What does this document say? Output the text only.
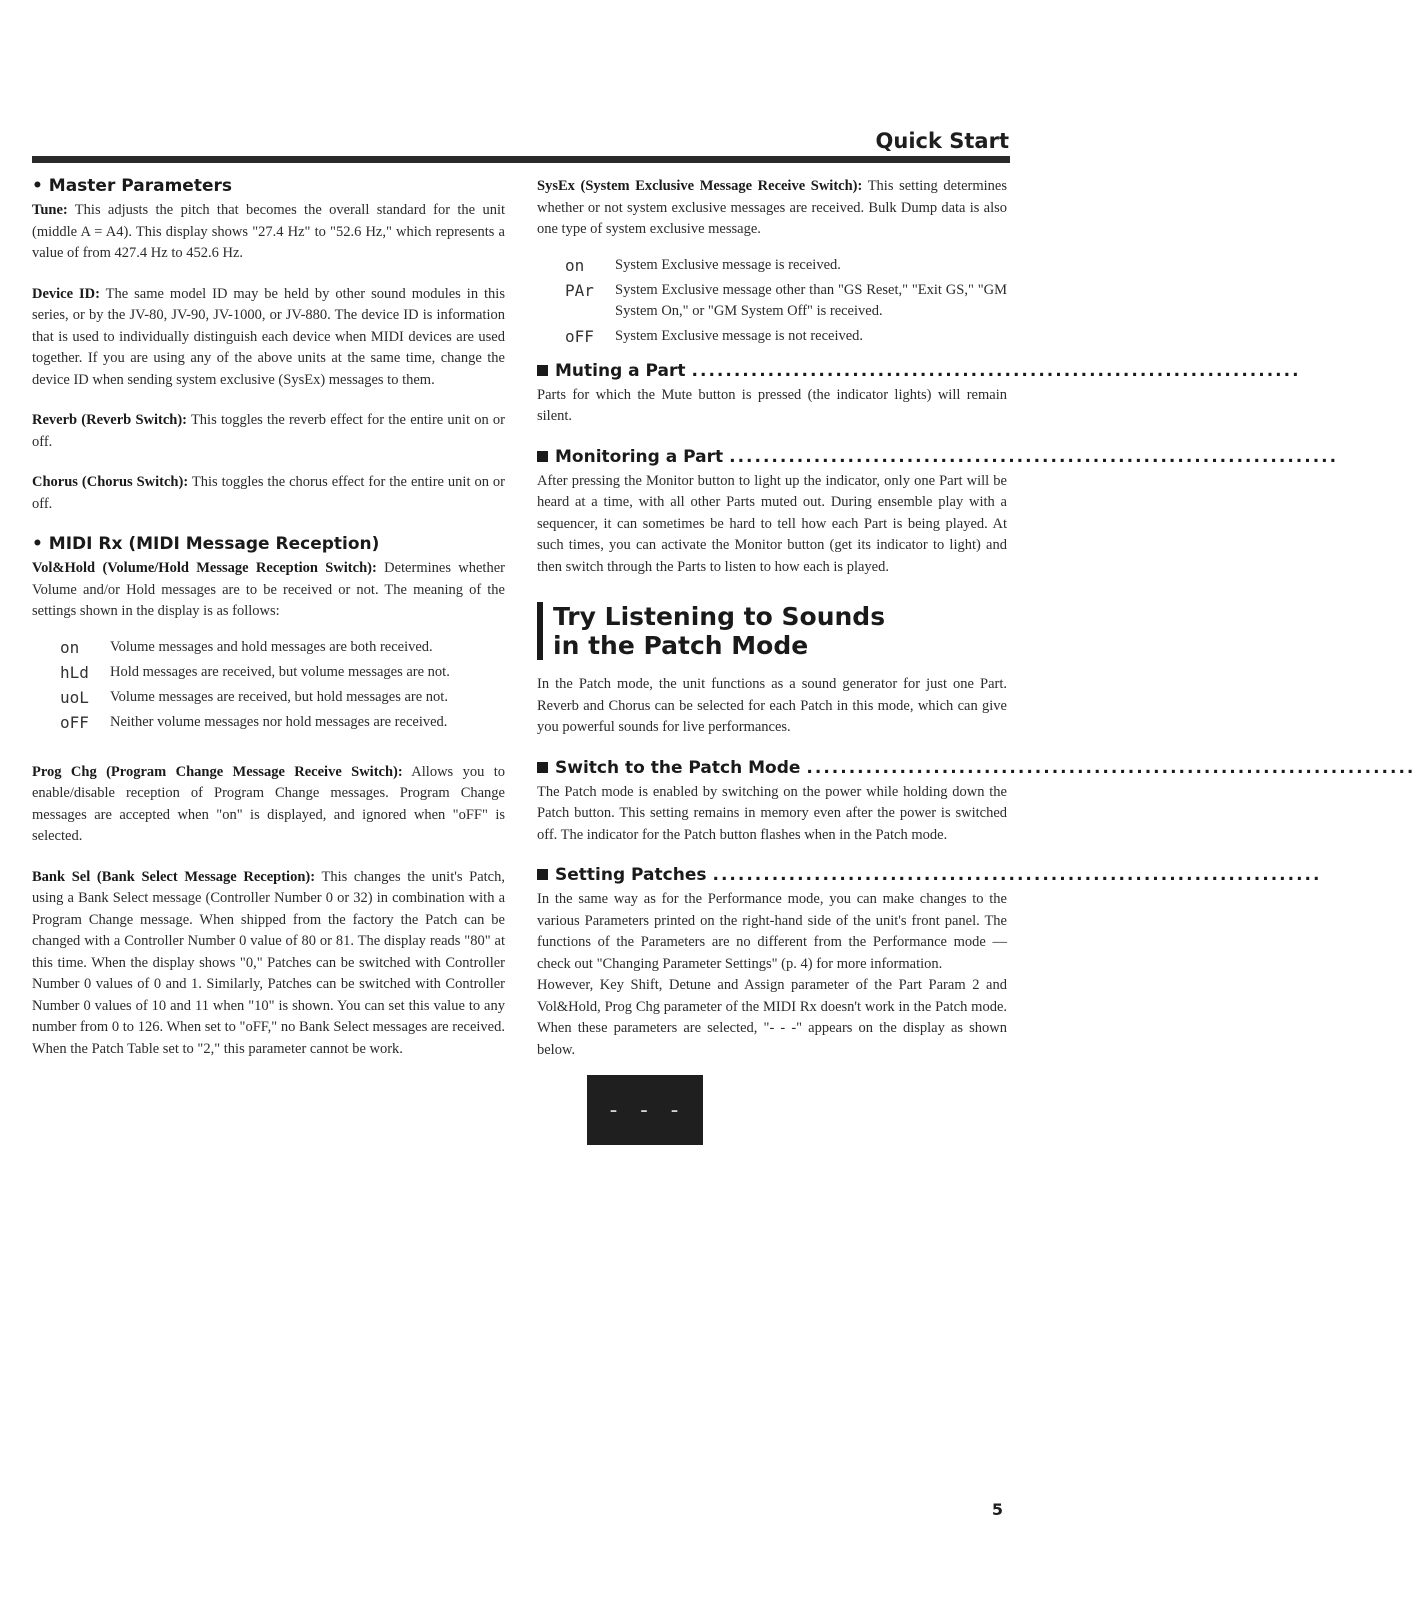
Quick Start
• Master Parameters

Tune: This adjusts the pitch that becomes the overall standard for the unit (middle A = A4). This display shows "27.4 Hz" to "52.6 Hz," which represents a value of from 427.4 Hz to 452.6 Hz.

Device ID: The same model ID may be held by other sound modules in this series, or by the JV-80, JV-90, JV-1000, or JV-880. The device ID is information that is used to individually distinguish each device when MIDI devices are used together. If you are using any of the above units at the same time, change the device ID when sending system exclusive (SysEx) messages to them.

Reverb (Reverb Switch): This toggles the reverb effect for the entire unit on or off.

Chorus (Chorus Switch): This toggles the chorus effect for the entire unit on or off.

• MIDI Rx (MIDI Message Reception)

Vol&Hold (Volume/Hold Message Reception Switch): Determines whether Volume and/or Hold messages are to be received or not. The meaning of the settings shown in the display is as follows:

on	Volume messages and hold messages are both received.
hLd	Hold messages are received, but volume messages are not.
uoL	Volume messages are received, but hold messages are not.
oFF	Neither volume messages nor hold messages are received.

Prog Chg (Program Change Message Receive Switch): Allows you to enable/disable reception of Program Change messages. Program Change messages are accepted when "on" is displayed, and ignored when "oFF" is selected.

Bank Sel (Bank Select Message Reception): This changes the unit's Patch, using a Bank Select message (Controller Number 0 or 32) in combination with a Program Change message. When shipped from the factory the Patch can be changed with a Controller Number 0 value of 80 or 81. The display reads "80" at this time. When the display shows "0," Patches can be switched with Controller Number 0 values of 0 and 1. Similarly, Patches can be switched with Controller Number 0 values of 10 and 11 when "10" is shown. You can set this value to any number from 0 to 126. When set to "oFF," no Bank Select messages are received. When the Patch Table set to "2," this parameter cannot be work.

SysEx (System Exclusive Message Receive Switch): This setting determines whether or not system exclusive messages are received. Bulk Dump data is also one type of system exclusive message.

on	System Exclusive message is received.
PAr	System Exclusive message other than "GS Reset," "Exit GS," "GM System On," or "GM System Off" is received.
oFF	System Exclusive message is not received.
Muting a Part ........................................................................

Parts for which the Mute button is pressed (the indicator lights) will remain silent.

Monitoring a Part ........................................................................

After pressing the Monitor button to light up the indicator, only one Part will be heard at a time, with all other Parts muted out. During ensemble play with a sequencer, it can sometimes be hard to tell how each Part is being played. At such times, you can activate the Monitor button (get its indicator to light) and then switch through the Parts to listen to how each is played.

Try Listening to Sounds
in the Patch Mode

In the Patch mode, the unit functions as a sound generator for just one Part. Reverb and Chorus can be selected for each Patch in this mode, which can give you powerful sounds for live performances.

Switch to the Patch Mode ........................................................................

The Patch mode is enabled by switching on the power while holding down the Patch button. This setting remains in memory even after the power is switched off. The indicator for the Patch button flashes when in the Patch mode.

Setting Patches ........................................................................

In the same way as for the Performance mode, you can make changes to the various Parameters printed on the right-hand side of the unit's front panel. The functions of the Parameters are no different from the Performance mode — check out "Changing Parameter Settings" (p. 4) for more information.

However, Key Shift, Detune and Assign parameter of the Part Param 2 and Vol&Hold, Prog Chg parameter of the MIDI Rx doesn't work in the Patch mode. When these parameters are selected, "- - -" appears on the display as shown below.

- - -
5
